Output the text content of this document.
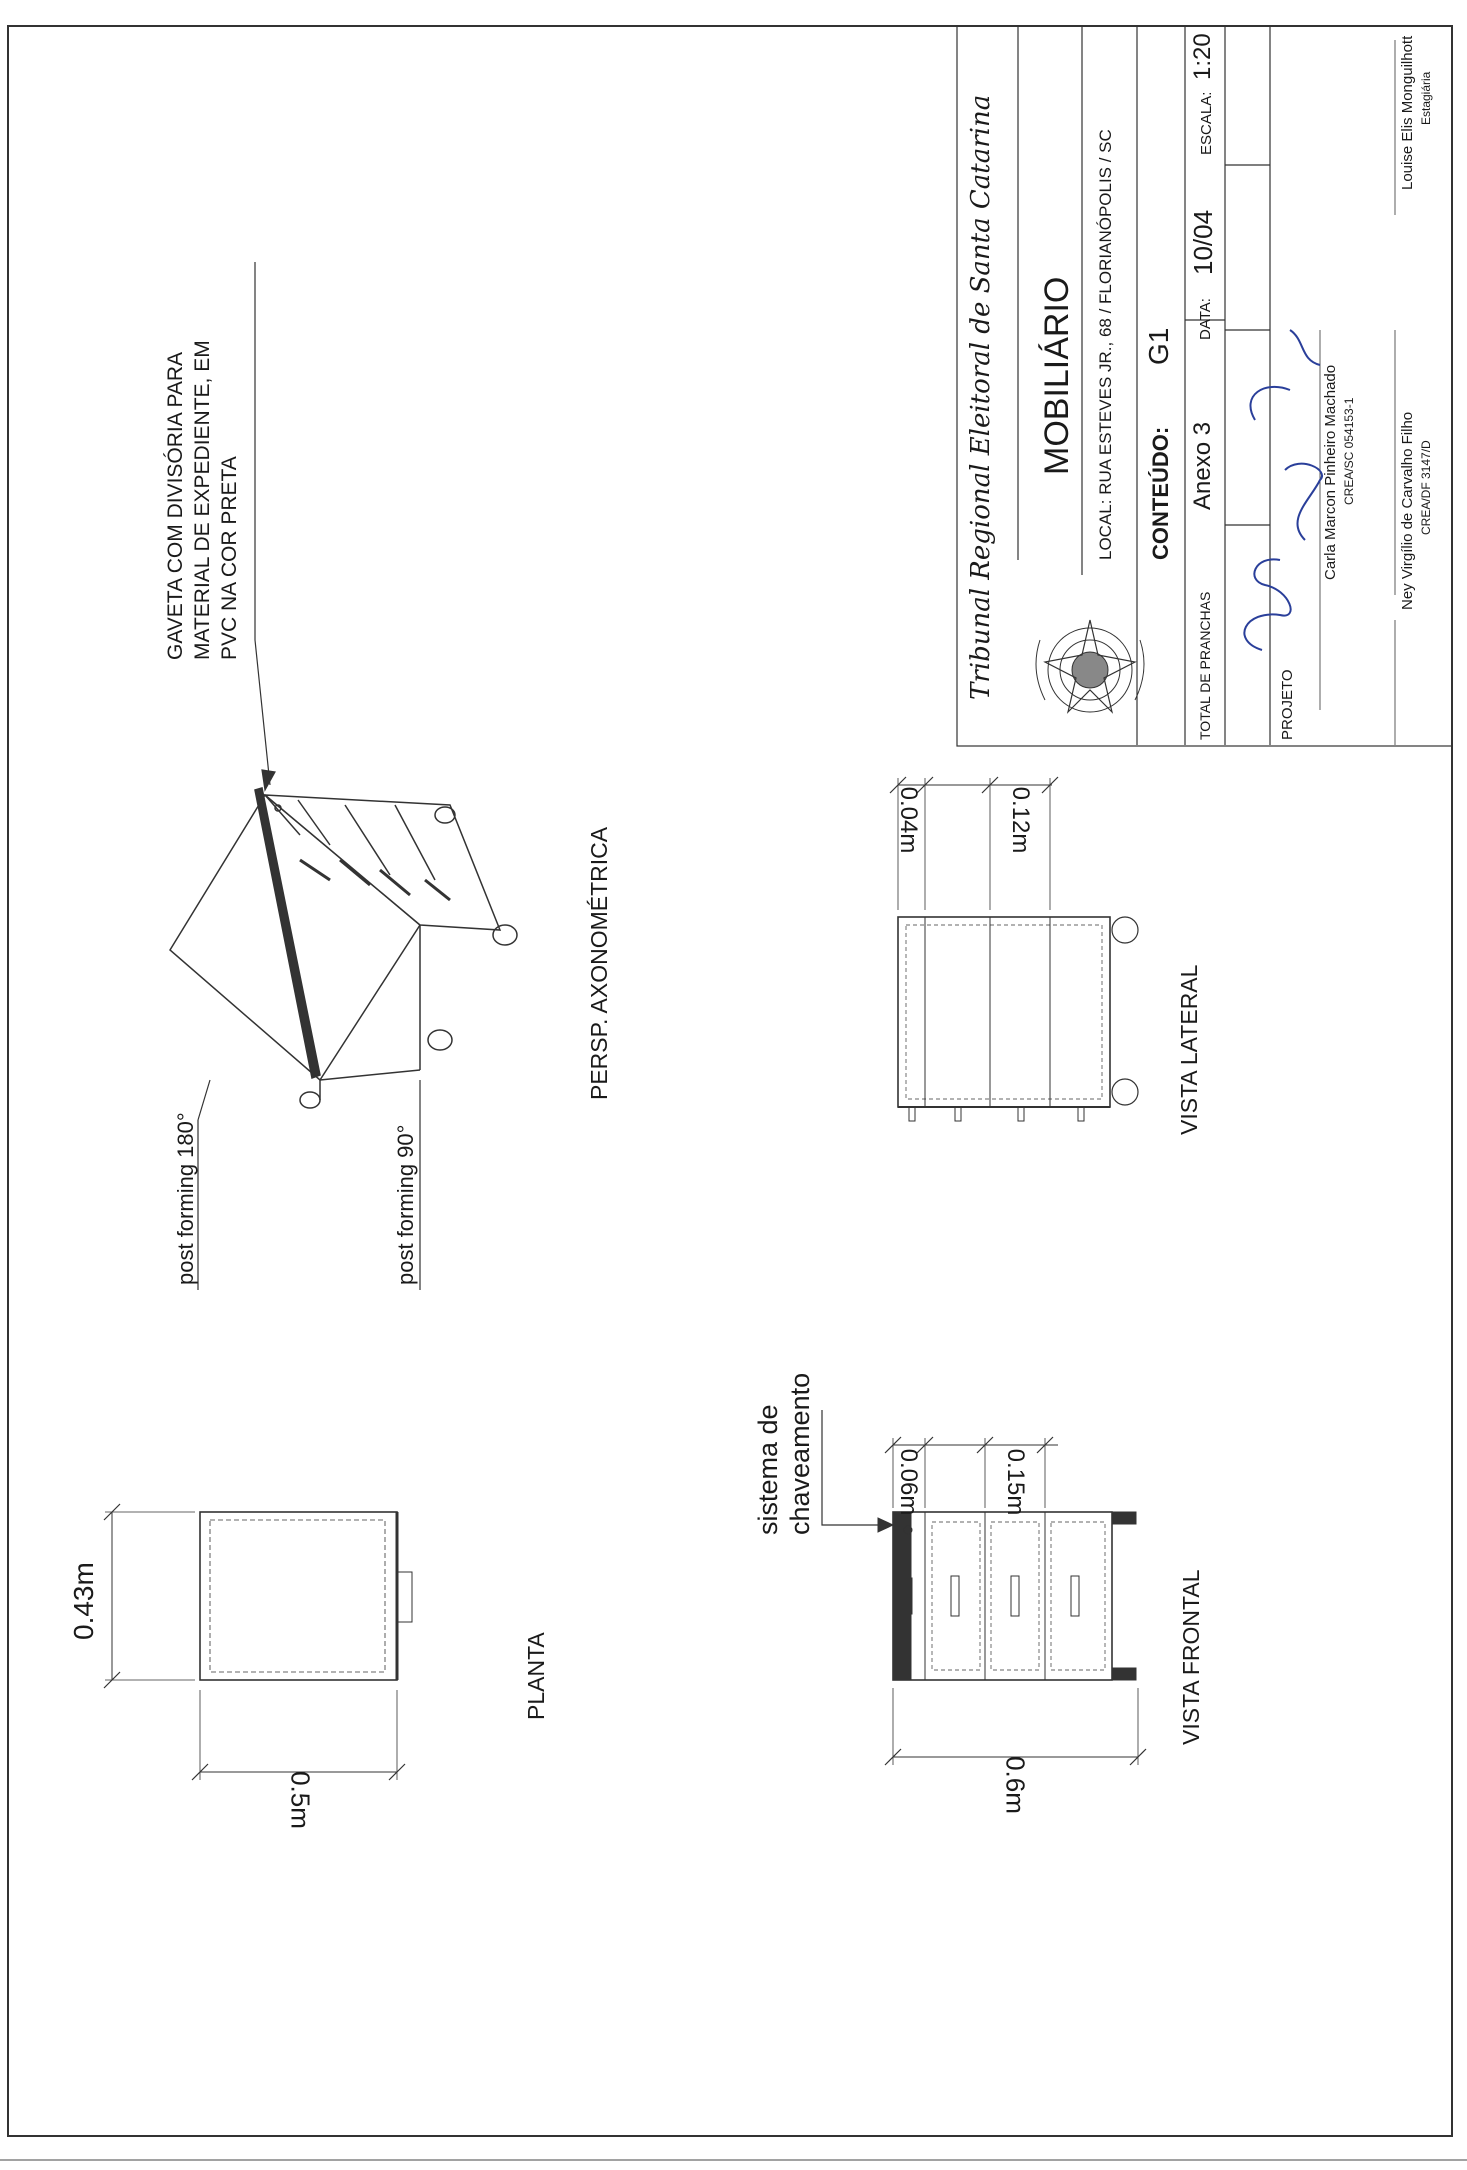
Tribunal Regional Eleitoral de Santa Catarina MOBILIÁRIO LOCAL: RUA ESTEVES JR., 68 / FLORIANÓPOLIS / SC CONTEÚDO:
G1
TOTAL DE PRANCHAS
Anexo 3
DATA:
10/04
ESCALA:
1:20
PROJETO
Carla Marcon Pinheiro Machado CREA/SC 054153-1	Ney Virgílio de Carvalho Filho CREA/DF 3147/D
Louise Elis Monguilhott Estagiária
GAVETA COM DIVISÓRIA PARA MATERIAL DE EXPEDIENTE, EM PVC NA COR PRETA
post forming 180°	post forming 90°
sistema de chaveamento
PERSP. AXONOMÉTRICA
PLANTA	VISTA FRONTAL
VISTA LATERAL
0.43m
0.5m	0.6m
0.06m	0.15m
0.04m	0.12m
